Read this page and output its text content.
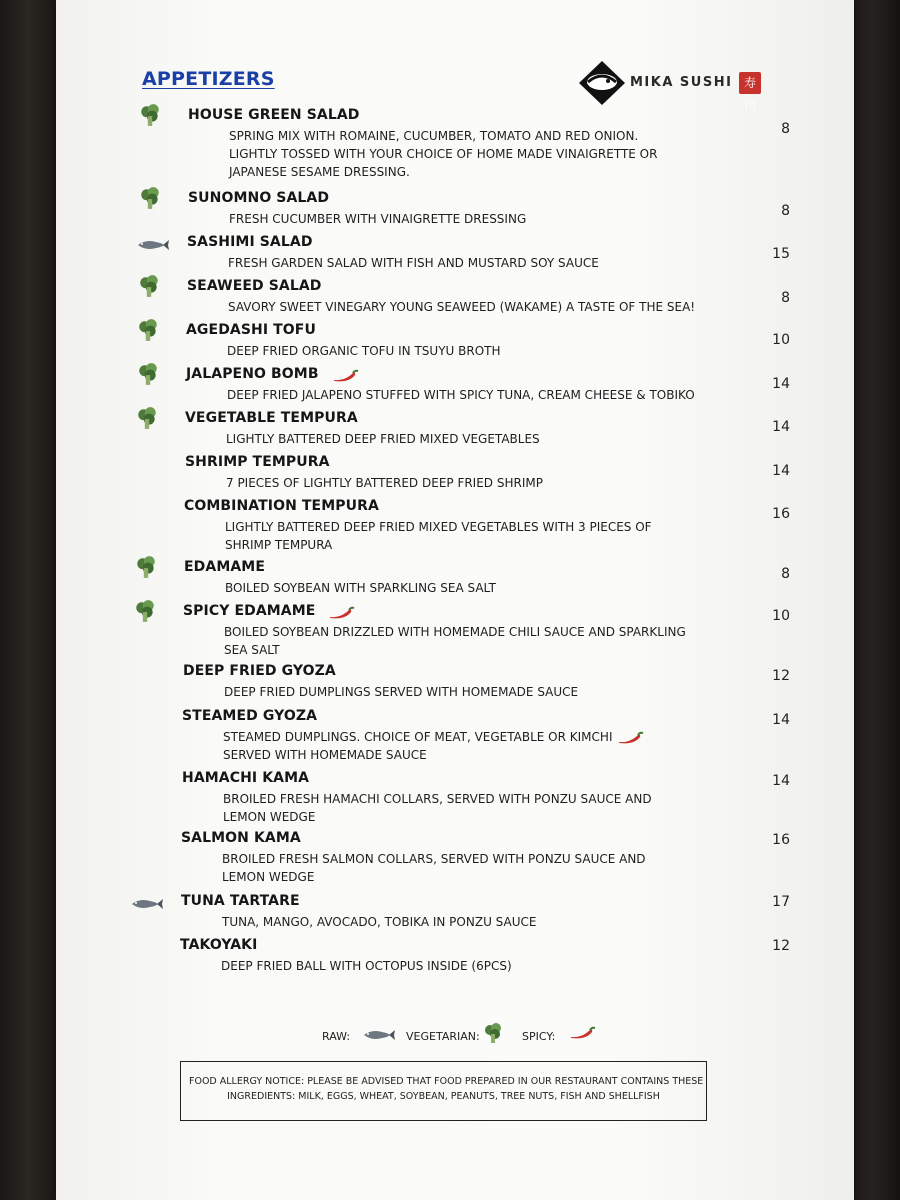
APPETIZERS	MIKA SUSHI 寿司
HOUSE GREEN SALAD
SPRING MIX WITH ROMAINE, CUCUMBER, TOMATO AND RED ONION.
LIGHTLY TOSSED WITH YOUR CHOICE OF HOME MADE VINAIGRETTE OR
JAPANESE SESAME DRESSING.
8
SUNOMNO SALAD
FRESH CUCUMBER WITH VINAIGRETTE DRESSING	8
SASHIMI SALAD
FRESH GARDEN SALAD WITH FISH AND MUSTARD SOY SAUCE
15
SEAWEED SALAD
SAVORY SWEET VINEGARY YOUNG SEAWEED (WAKAME) A TASTE OF THE SEA!
8
AGEDASHI TOFU
DEEP FRIED ORGANIC TOFU IN TSUYU BROTH
10
JALAPENO BOMB
DEEP FRIED JALAPENO STUFFED WITH SPICY TUNA, CREAM CHEESE & TOBIKO
14
VEGETABLE TEMPURA
LIGHTLY BATTERED DEEP FRIED MIXED VEGETABLES
14
SHRIMP TEMPURA
7 PIECES OF LIGHTLY BATTERED DEEP FRIED SHRIMP
14
COMBINATION TEMPURA
LIGHTLY BATTERED DEEP FRIED MIXED VEGETABLES WITH 3 PIECES OF
SHRIMP TEMPURA
16
EDAMAME
BOILED SOYBEAN WITH SPARKLING SEA SALT
8
SPICY EDAMAME
BOILED SOYBEAN DRIZZLED WITH HOMEMADE CHILI SAUCE AND SPARKLING
SEA SALT
10
DEEP FRIED GYOZA
DEEP FRIED DUMPLINGS SERVED WITH HOMEMADE SAUCE
12
STEAMED GYOZA
STEAMED DUMPLINGS. CHOICE OF MEAT, VEGETABLE OR KIMCHI
SERVED WITH HOMEMADE SAUCE
14
HAMACHI KAMA
BROILED FRESH HAMACHI COLLARS, SERVED WITH PONZU SAUCE AND
LEMON WEDGE
14
SALMON KAMA
BROILED FRESH SALMON COLLARS, SERVED WITH PONZU SAUCE AND
LEMON WEDGE
16
TUNA TARTARE
TUNA, MANGO, AVOCADO, TOBIKA IN PONZU SAUCE
17
TAKOYAKI
DEEP FRIED BALL WITH OCTOPUS INSIDE (6PCS)
12
RAW:	VEGETARIAN:	SPICY:
FOOD ALLERGY NOTICE: PLEASE BE ADVISED THAT FOOD PREPARED IN OUR RESTAURANT CONTAINS THESE
INGREDIENTS: MILK, EGGS, WHEAT, SOYBEAN, PEANUTS, TREE NUTS, FISH AND SHELLFISH
